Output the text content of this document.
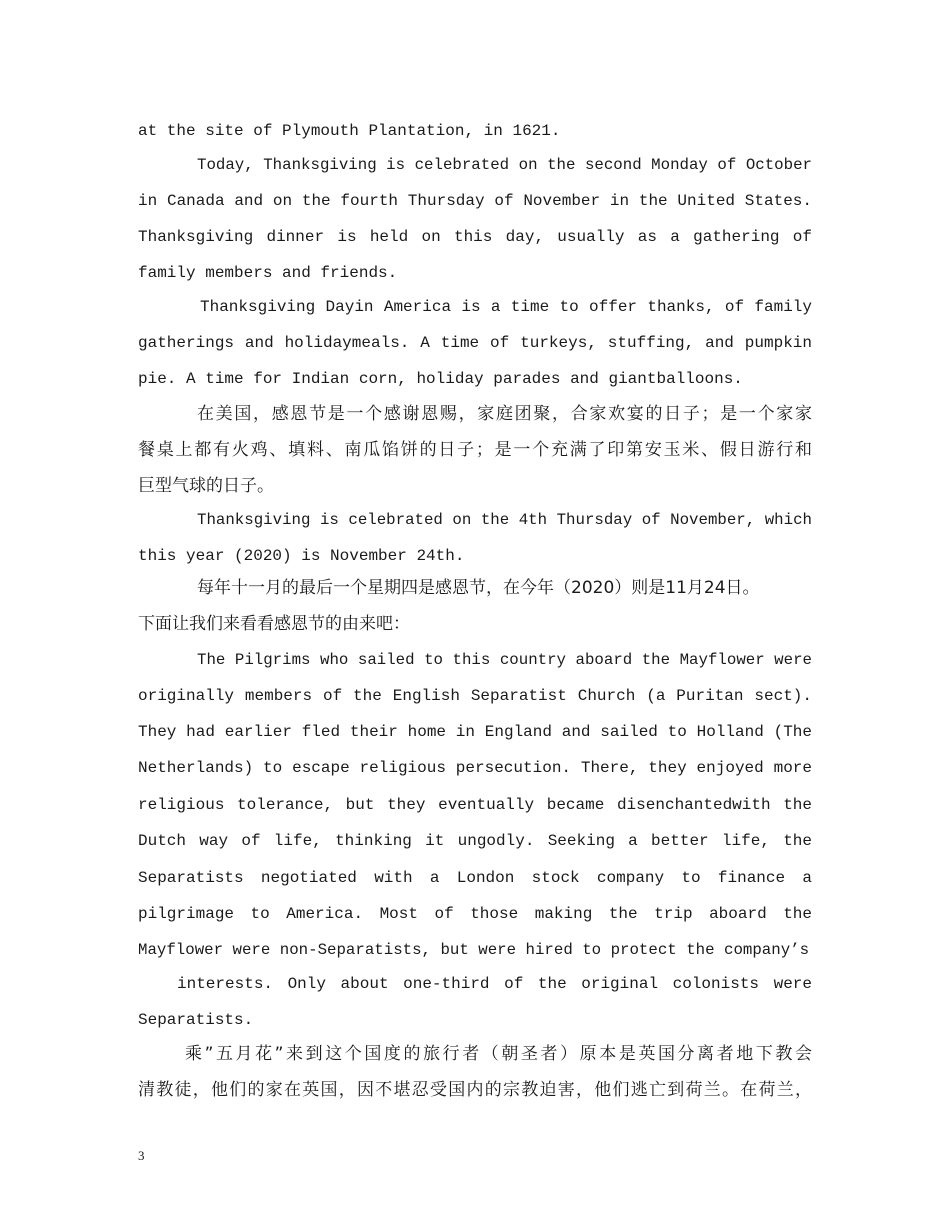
at the site of Plymouth Plantation, in 1621.
Today, Thanksgiving is celebrated on the second Monday of October
in Canada and on the fourth Thursday of November in the United States.
Thanksgiving dinner is held on this day, usually as a gathering of
family members and friends.
Thanksgiving Dayin America is a time to offer thanks, of family
gatherings and holidaymeals. A time of turkeys, stuffing, and pumpkin
pie. A time for Indian corn, holiday parades and giantballoons.
在美国，感恩节是一个感谢恩赐，家庭团聚，合家欢宴的日子；是一个家家
餐桌上都有火鸡、填料、南瓜馅饼的日子；是一个充满了印第安玉米、假日游行和
巨型气球的日子。
Thanksgiving is celebrated on the 4th Thursday of November, which
this year (2020) is November 24th.
每年十一月的最后一个星期四是感恩节，在今年（2020）则是11月24日。
下面让我们来看看感恩节的由来吧：
The Pilgrims who sailed to this country aboard the Mayflower were
originally members of the English Separatist Church (a Puritan sect).
They had earlier fled their home in England and sailed to Holland (The
Netherlands) to escape religious persecution. There, they enjoyed more
religious tolerance, but they eventually became disenchantedwith the
Dutch way of life, thinking it ungodly. Seeking a better life, the
Separatists negotiated with a London stock company to finance a
pilgrimage to America. Most of those making the trip aboard the
Mayflower were non-Separatists, but were hired to protect the company’s
interests. Only about one-third of the original colonists were
Separatists.
乘”五月花”来到这个国度的旅行者（朝圣者）原本是英国分离者地下教会
清教徒，他们的家在英国，因不堪忍受国内的宗教迫害，他们逃亡到荷兰。在荷兰，
3
